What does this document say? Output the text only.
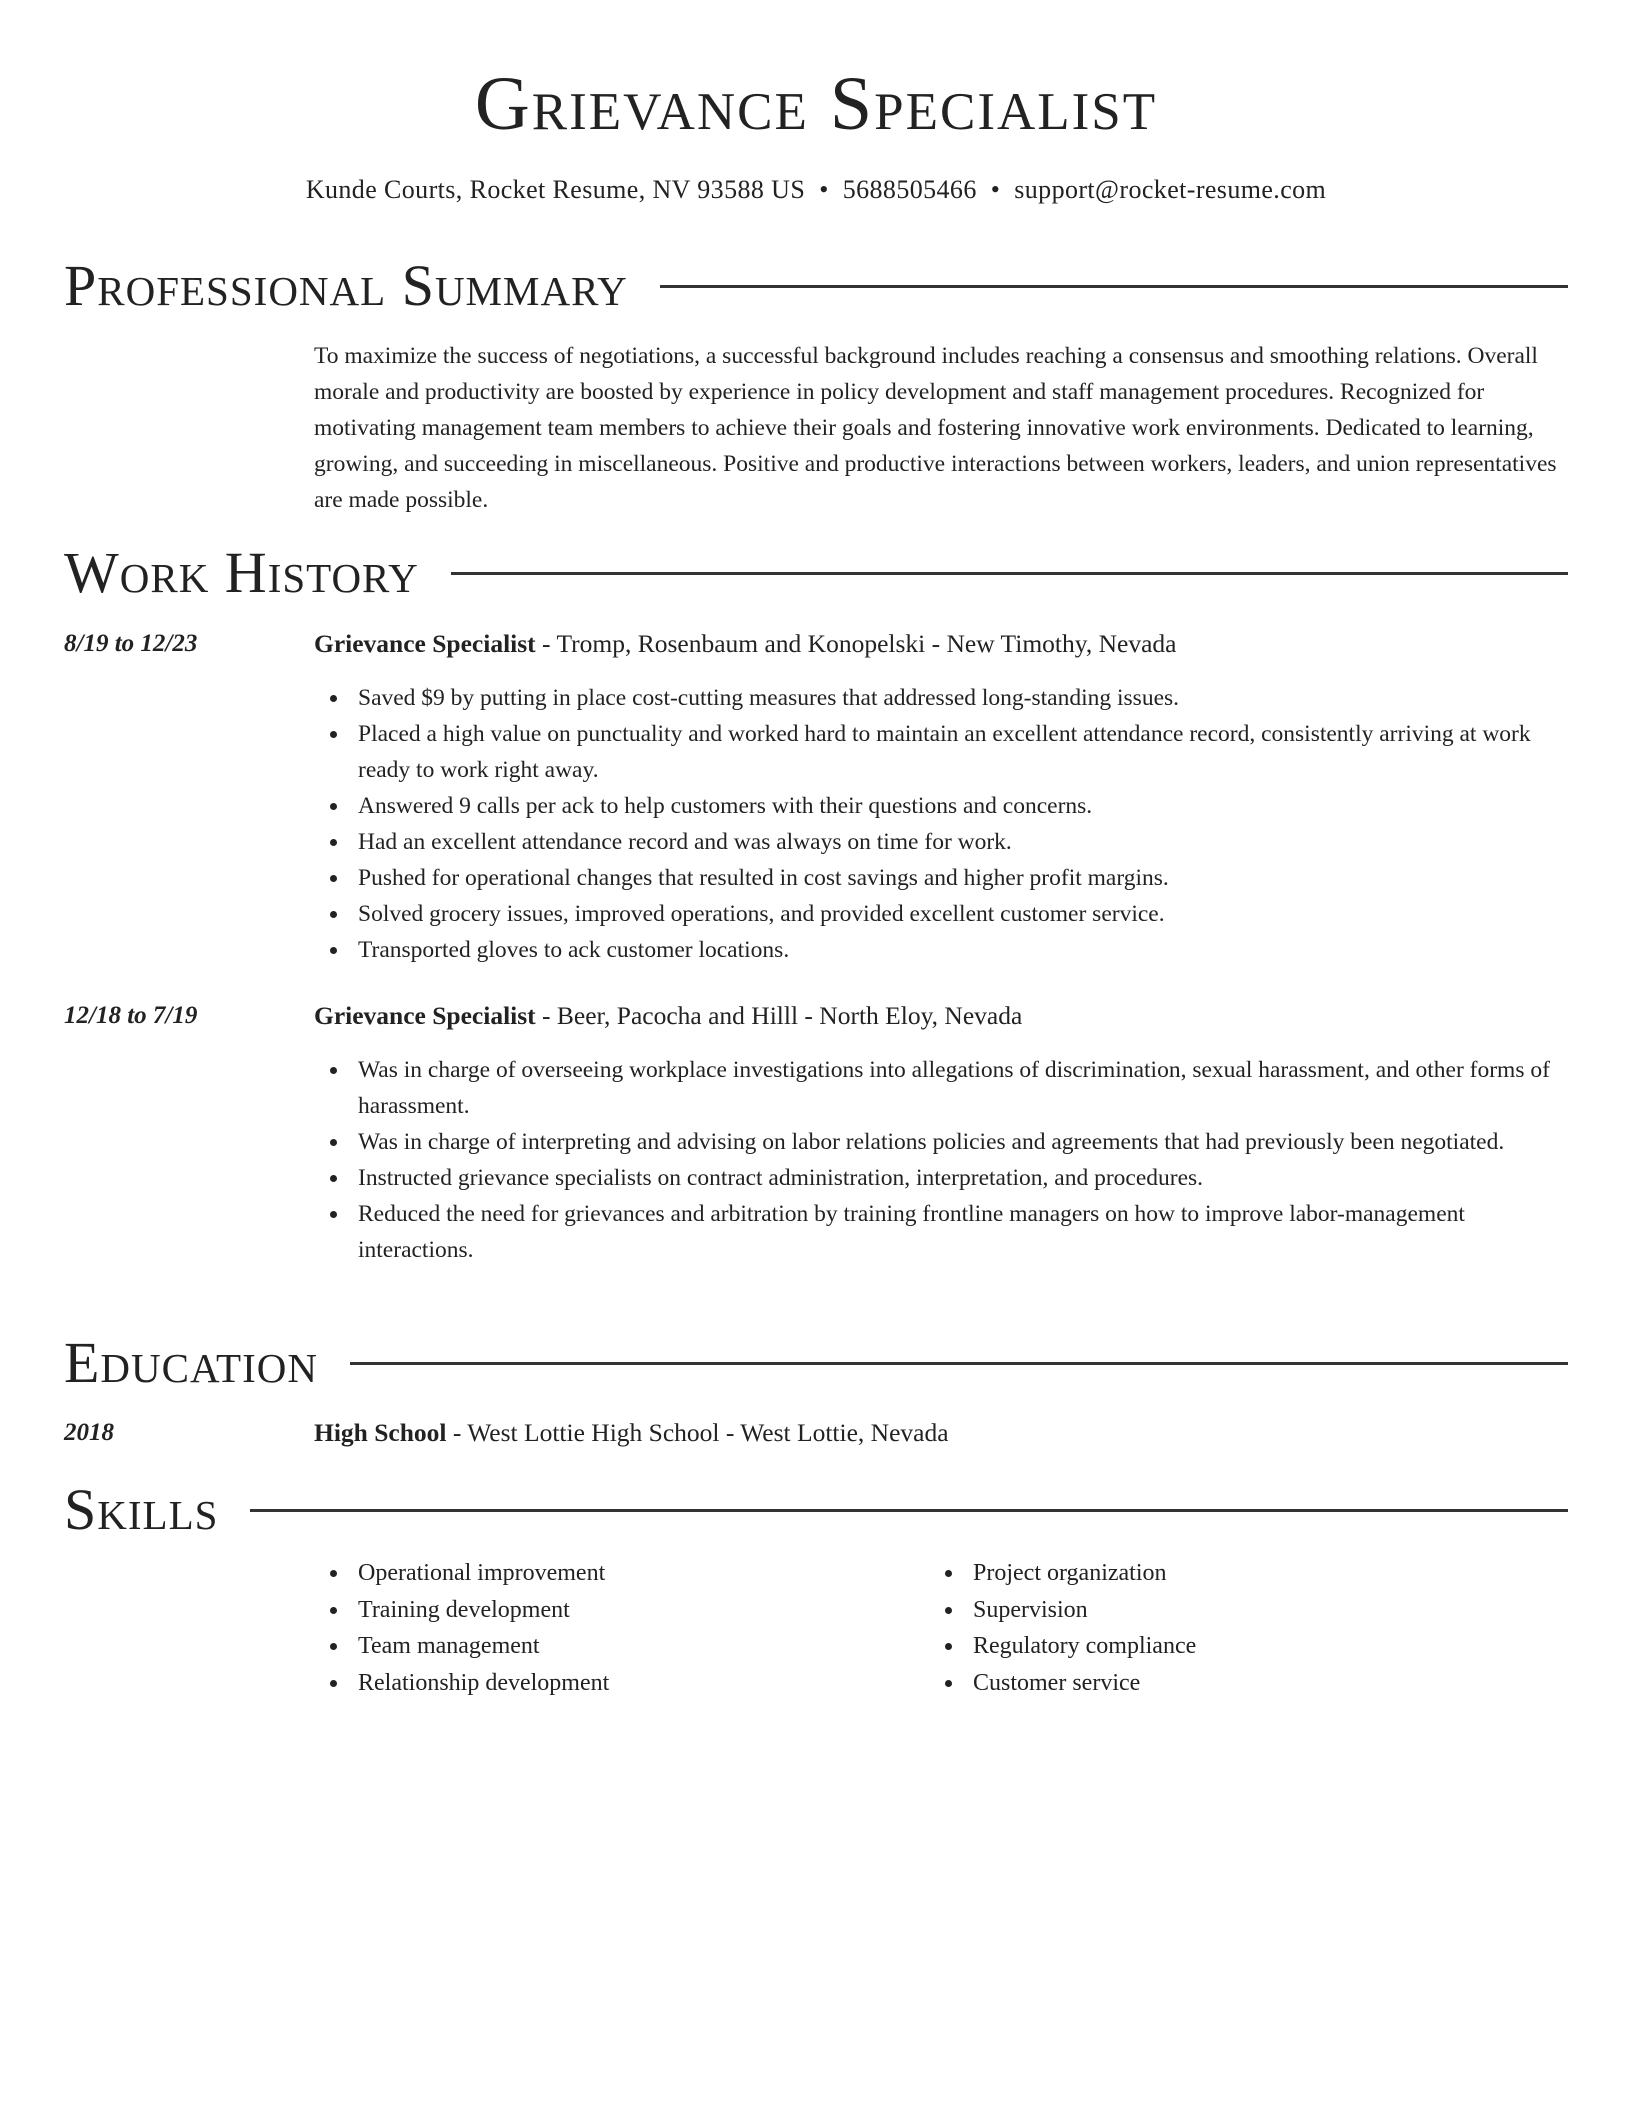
Grievance Specialist
Kunde Courts, Rocket Resume, NV 93588 US • 5688505466 • support@rocket-resume.com
Professional Summary
To maximize the success of negotiations, a successful background includes reaching a consensus and smoothing relations. Overall morale and productivity are boosted by experience in policy development and staff management procedures. Recognized for motivating management team members to achieve their goals and fostering innovative work environments. Dedicated to learning, growing, and succeeding in miscellaneous. Positive and productive interactions between workers, leaders, and union representatives are made possible.
Work History
8/19 to 12/23	Grievance Specialist - Tromp, Rosenbaum and Konopelski - New Timothy, Nevada
Saved $9 by putting in place cost-cutting measures that addressed long-standing issues.
Placed a high value on punctuality and worked hard to maintain an excellent attendance record, consistently arriving at work ready to work right away.
Answered 9 calls per ack to help customers with their questions and concerns.
Had an excellent attendance record and was always on time for work.
Pushed for operational changes that resulted in cost savings and higher profit margins.
Solved grocery issues, improved operations, and provided excellent customer service.
Transported gloves to ack customer locations.
12/18 to 7/19	Grievance Specialist - Beer, Pacocha and Hilll - North Eloy, Nevada
Was in charge of overseeing workplace investigations into allegations of discrimination, sexual harassment, and other forms of harassment.
Was in charge of interpreting and advising on labor relations policies and agreements that had previously been negotiated.
Instructed grievance specialists on contract administration, interpretation, and procedures.
Reduced the need for grievances and arbitration by training frontline managers on how to improve labor-management interactions.
Education
2018	High School - West Lottie High School - West Lottie, Nevada
Skills
Operational improvement
Training development
Team management
Relationship development
Project organization
Supervision
Regulatory compliance
Customer service
